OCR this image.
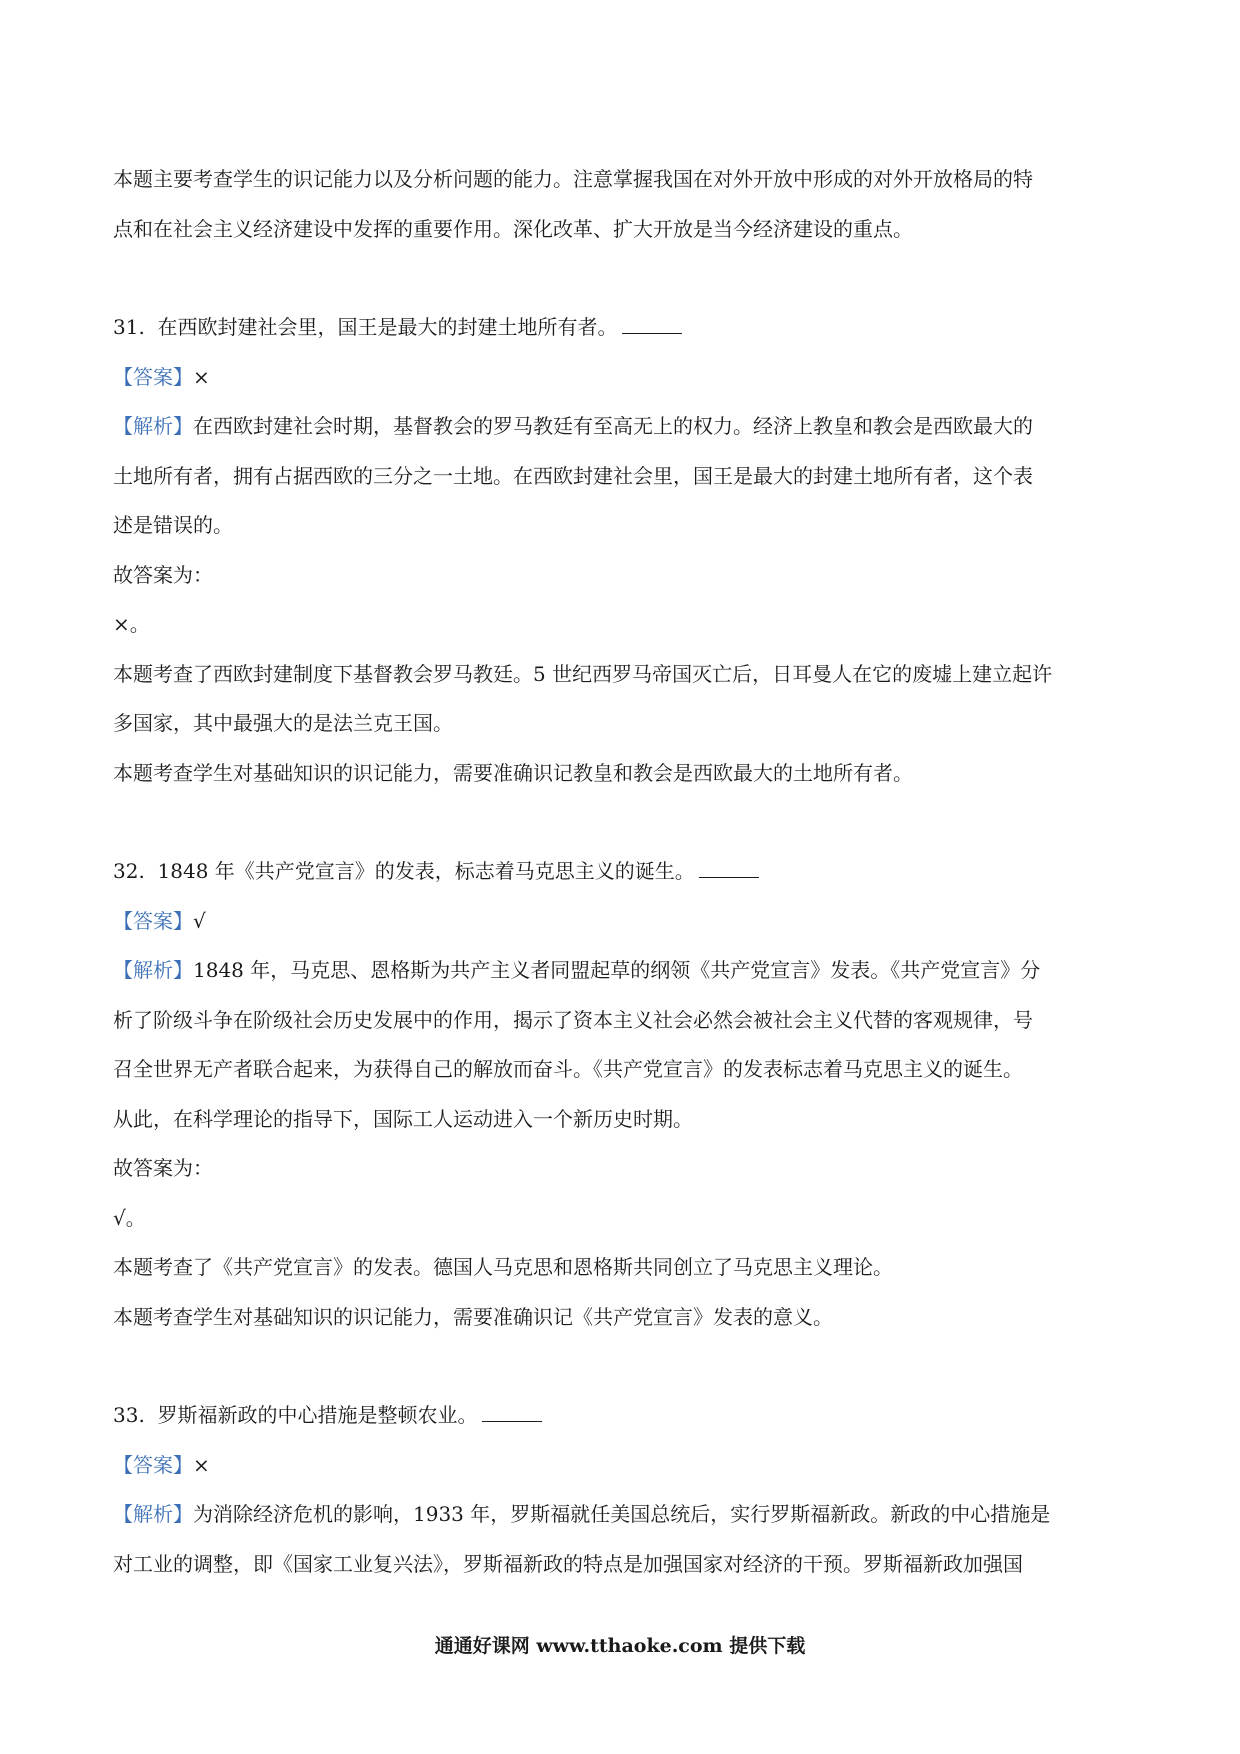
本题主要考查学生的识记能力以及分析问题的能力。注意掌握我国在对外开放中形成的对外开放格局的特

点和在社会主义经济建设中发挥的重要作用。深化改革、扩大开放是当今经济建设的重点。

31. 在西欧封建社会里，国王是最大的封建土地所有者。

【答案】×

【解析】在西欧封建社会时期，基督教会的罗马教廷有至高无上的权力。经济上教皇和教会是西欧最大的

土地所有者，拥有占据西欧的三分之一土地。在西欧封建社会里，国王是最大的封建土地所有者，这个表

述是错误的。

故答案为：

×。

本题考查了西欧封建制度下基督教会罗马教廷。5 世纪西罗马帝国灭亡后，日耳曼人在它的废墟上建立起许

多国家，其中最强大的是法兰克王国。

本题考查学生对基础知识的识记能力，需要准确识记教皇和教会是西欧最大的土地所有者。

32. 1848 年《共产党宣言》的发表，标志着马克思主义的诞生。

【答案】√

【解析】1848 年，马克思、恩格斯为共产主义者同盟起草的纲领《共产党宣言》发表。《共产党宣言》分

析了阶级斗争在阶级社会历史发展中的作用，揭示了资本主义社会必然会被社会主义代替的客观规律，号

召全世界无产者联合起来，为获得自己的解放而奋斗。《共产党宣言》的发表标志着马克思主义的诞生。

从此，在科学理论的指导下，国际工人运动进入一个新历史时期。

故答案为：

√。

本题考查了《共产党宣言》的发表。德国人马克思和恩格斯共同创立了马克思主义理论。

本题考查学生对基础知识的识记能力，需要准确识记《共产党宣言》发表的意义。

33. 罗斯福新政的中心措施是整顿农业。

【答案】×

【解析】为消除经济危机的影响，1933 年，罗斯福就任美国总统后，实行罗斯福新政。新政的中心措施是

对工业的调整，即《国家工业复兴法》，罗斯福新政的特点是加强国家对经济的干预。罗斯福新政加强国

通通好课网 www.tthaoke.com 提供下载
